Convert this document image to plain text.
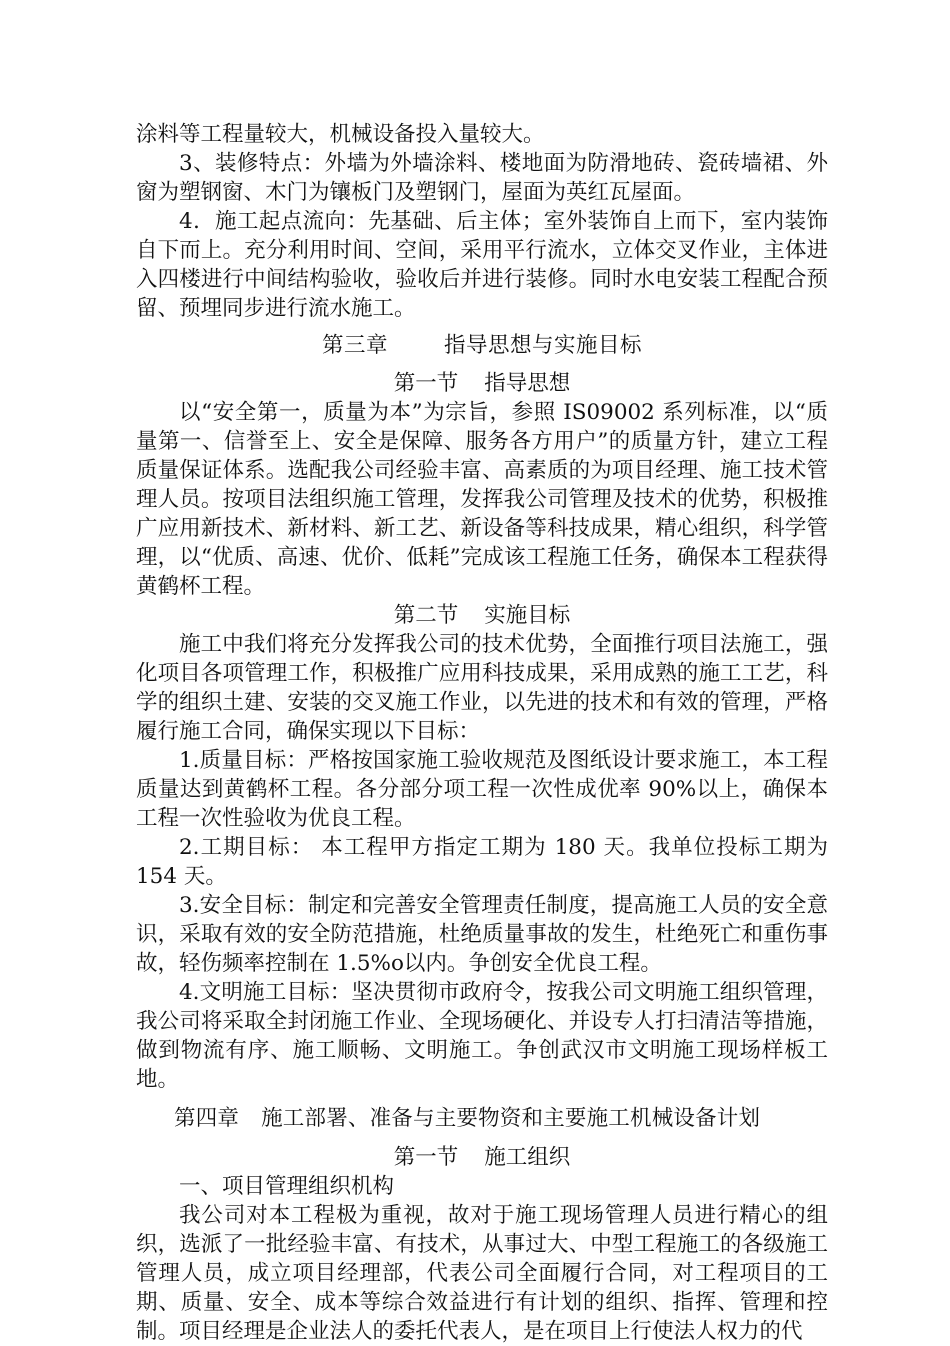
涂料等工程量较大，机械设备投入量较大。

3、装修特点：外墙为外墙涂料、楼地面为防滑地砖、瓷砖墙裙、外窗为塑钢窗、木门为镶板门及塑钢门，屋面为英红瓦屋面。

4．施工起点流向：先基础、后主体；室外装饰自上而下，室内装饰自下而上。充分利用时间、空间，采用平行流水，立体交叉作业，主体进入四楼进行中间结构验收，验收后并进行装修。同时水电安装工程配合预留、预埋同步进行流水施工。

第三章	指导思想与实施目标

第一节 指导思想

以“安全第一，质量为本”为宗旨，参照 IS09002 系列标准，以“质量第一、信誉至上、安全是保障、服务各方用户”的质量方针，建立工程质量保证体系。选配我公司经验丰富、高素质的为项目经理、施工技术管理人员。按项目法组织施工管理，发挥我公司管理及技术的优势，积极推广应用新技术、新材料、新工艺、新设备等科技成果，精心组织，科学管理，以“优质、高速、优价、低耗”完成该工程施工任务，确保本工程获得黄鹤杯工程。

第二节 实施目标

施工中我们将充分发挥我公司的技术优势，全面推行项目法施工，强化项目各项管理工作，积极推广应用科技成果，采用成熟的施工工艺，科学的组织土建、安装的交叉施工作业，以先进的技术和有效的管理，严格履行施工合同，确保实现以下目标：

1.质量目标：严格按国家施工验收规范及图纸设计要求施工，本工程质量达到黄鹤杯工程。各分部分项工程一次性成优率 90%以上，确保本工程一次性验收为优良工程。

2.工期目标： 本工程甲方指定工期为 180 天。我单位投标工期为 154 天。

3.安全目标：制定和完善安全管理责任制度，提高施工人员的安全意识，采取有效的安全防范措施，杜绝质量事故的发生，杜绝死亡和重伤事故，轻伤频率控制在 1.5%o以内。争创安全优良工程。

4.文明施工目标：坚决贯彻市政府令，按我公司文明施工组织管理，我公司将采取全封闭施工作业、全现场硬化、并设专人打扫清洁等措施，做到物流有序、施工顺畅、文明施工。争创武汉市文明施工现场样板工地。

第四章 施工部署、准备与主要物资和主要施工机械设备计划

第一节 施工组织

一、项目管理组织机构

我公司对本工程极为重视，故对于施工现场管理人员进行精心的组织，选派了一批经验丰富、有技术，从事过大、中型工程施工的各级施工管理人员，成立项目经理部，代表公司全面履行合同，对工程项目的工期、质量、安全、成本等综合效益进行有计划的组织、指挥、管理和控制。项目经理是企业法人的委托代表人，是在项目上行使法人权力的代
